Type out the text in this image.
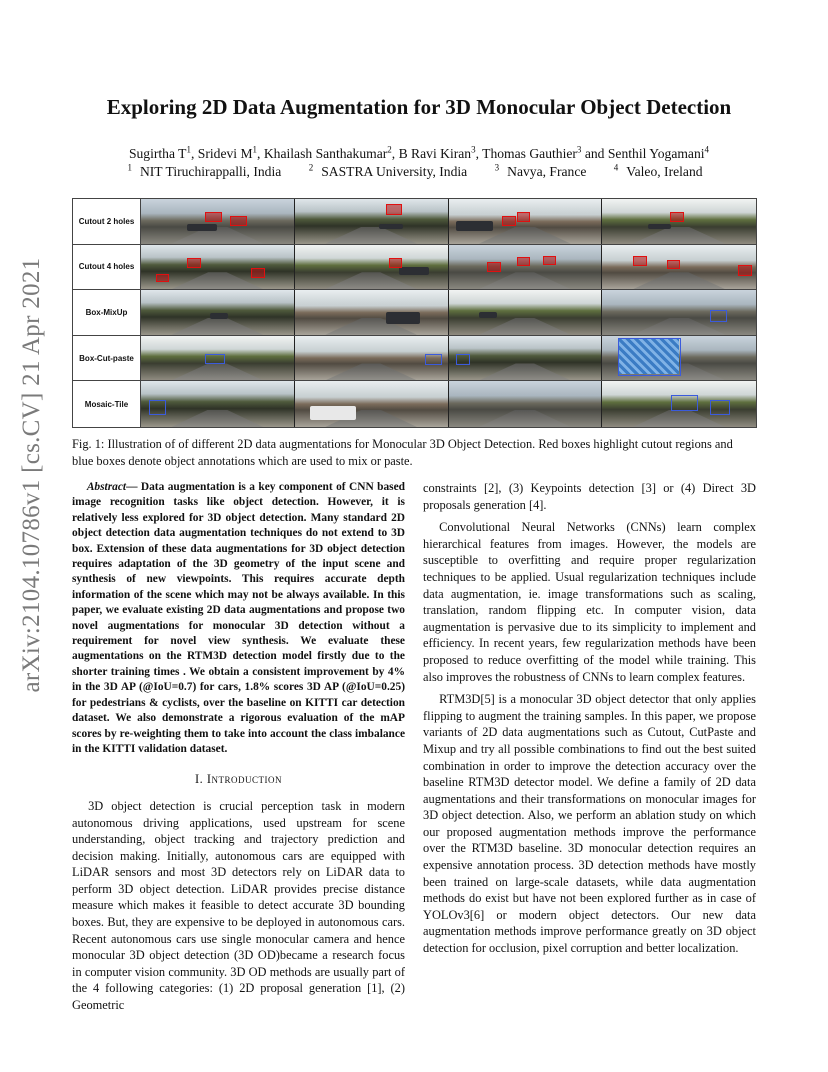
arXiv:2104.10786v1 [cs.CV] 21 Apr 2021
Exploring 2D Data Augmentation for 3D Monocular Object Detection
Sugirtha $T^1$, Sridevi $M^1$, Khailash Santhakumar$^2$, B Ravi Kiran$^3$, Thomas Gauthier$^3$ and Senthil Yogamani$^4$
$^1$ NIT Tiruchirappalli, India	$^2$ SASTRA University, India	$^3$ Navya, France	$^4$ Valeo, Ireland
Cutout 2 holes
Cutout 4 holes
Box-MixUp
Box-Cut-paste
Mosaic-Tile
Fig. 1: Illustration of of different 2D data augmentations for Monocular 3D Object Detection. Red boxes highlight cutout regions and blue boxes denote object annotations which are used to mix or paste.

Abstract— Data augmentation is a key component of CNN based image recognition tasks like object detection. However, it is relatively less explored for 3D object detection. Many standard 2D object detection data augmentation techniques do not extend to 3D box. Extension of these data augmentations for 3D object detection requires adaptation of the 3D geometry of the input scene and synthesis of new viewpoints. This requires accurate depth information of the scene which may not be always available. In this paper, we evaluate existing 2D data augmentations and propose two novel augmentations for monocular 3D detection without a requirement for novel view synthesis. We evaluate these augmentations on the RTM3D detection model firstly due to the shorter training times . We obtain a consistent improvement by 4% in the 3D AP (@IoU=0.7) for cars, 1.8% scores 3D AP (@IoU=0.25) for pedestrians & cyclists, over the baseline on KITTI car detection dataset. We also demonstrate a rigorous evaluation of the mAP scores by re-weighting them to take into account the class imbalance in the KITTI validation dataset.

I. Introduction

3D object detection is crucial perception task in modern autonomous driving applications, used upstream for scene understanding, object tracking and trajectory prediction and decision making. Initially, autonomous cars are equipped with LiDAR sensors and most 3D detectors rely on LiDAR data to perform 3D object detection. LiDAR provides precise distance measure which makes it feasible to detect accurate 3D bounding boxes. But, they are expensive to be deployed in autonomous cars. Recent autonomous cars use single monocular camera and hence monocular 3D object detection (3D OD)became a research focus in computer vision community. 3D OD methods are usually part of the 4 following categories: (1) 2D proposal generation [1], (2) Geometric

constraints [2], (3) Keypoints detection [3] or (4) Direct 3D proposals generation [4].

Convolutional Neural Networks (CNNs) learn complex hierarchical features from images. However, the models are susceptible to overfitting and require proper regularization techniques to be applied. Usual regularization techniques include data augmentation, ie. image transformations such as scaling, translation, random flipping etc. In computer vision, data augmentation is pervasive due to its simplicity to implement and efficiency. In recent years, few regularization methods have been proposed to reduce overfitting of the model while training. This also improves the robustness of CNNs to learn complex features.

RTM3D[5] is a monocular 3D object detector that only applies flipping to augment the training samples. In this paper, we propose variants of 2D data augmentations such as Cutout, CutPaste and Mixup and try all possible combinations to find out the best suited combination in order to improve the detection accuracy over the baseline RTM3D detector model. We define a family of 2D data augmentations and their transformations on monocular images for 3D object detection. Also, we perform an ablation study on which our proposed augmentation methods improve the performance over the RTM3D baseline. 3D monocular detection requires an expensive annotation process. 3D detection methods have mostly been trained on large-scale datasets, while data augmentation methods do exist but have not been explored further as in case of YOLOv3[6] or modern object detectors. Our new data augmentation methods improve performance greatly on 3D object detection for occlusion, pixel corruption and better localization.
